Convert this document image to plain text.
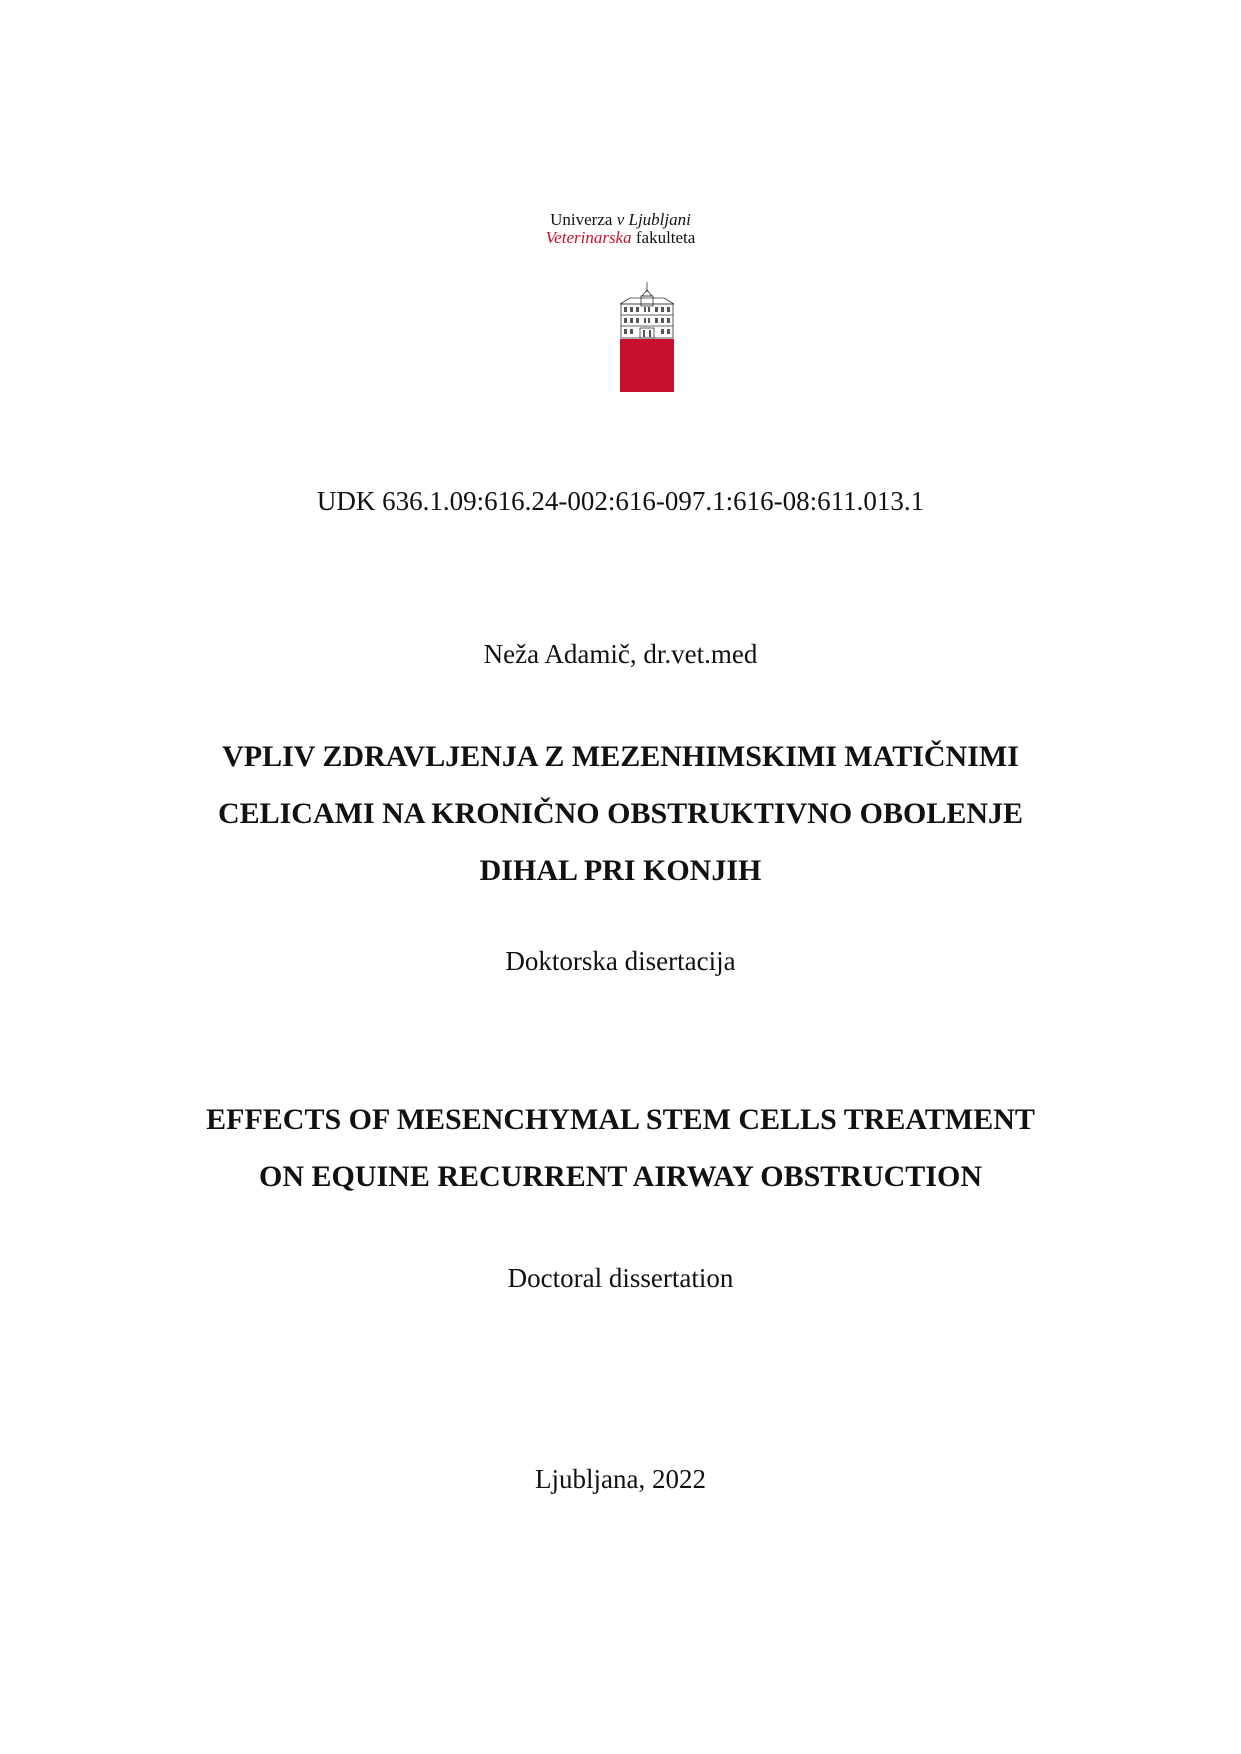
Univerza v Ljubljani
Veterinarska fakulteta
UDK 636.1.09:616.24-002:616-097.1:616-08:611.013.1
Neža Adamič, dr.vet.med
VPLIV ZDRAVLJENJA Z MEZENHIMSKIMI MATIČNIMI
CELICAMI NA KRONIČNO OBSTRUKTIVNO OBOLENJE
DIHAL PRI KONJIH
Doktorska disertacija
EFFECTS OF MESENCHYMAL STEM CELLS TREATMENT
ON EQUINE RECURRENT AIRWAY OBSTRUCTION
Doctoral dissertation
Ljubljana, 2022
